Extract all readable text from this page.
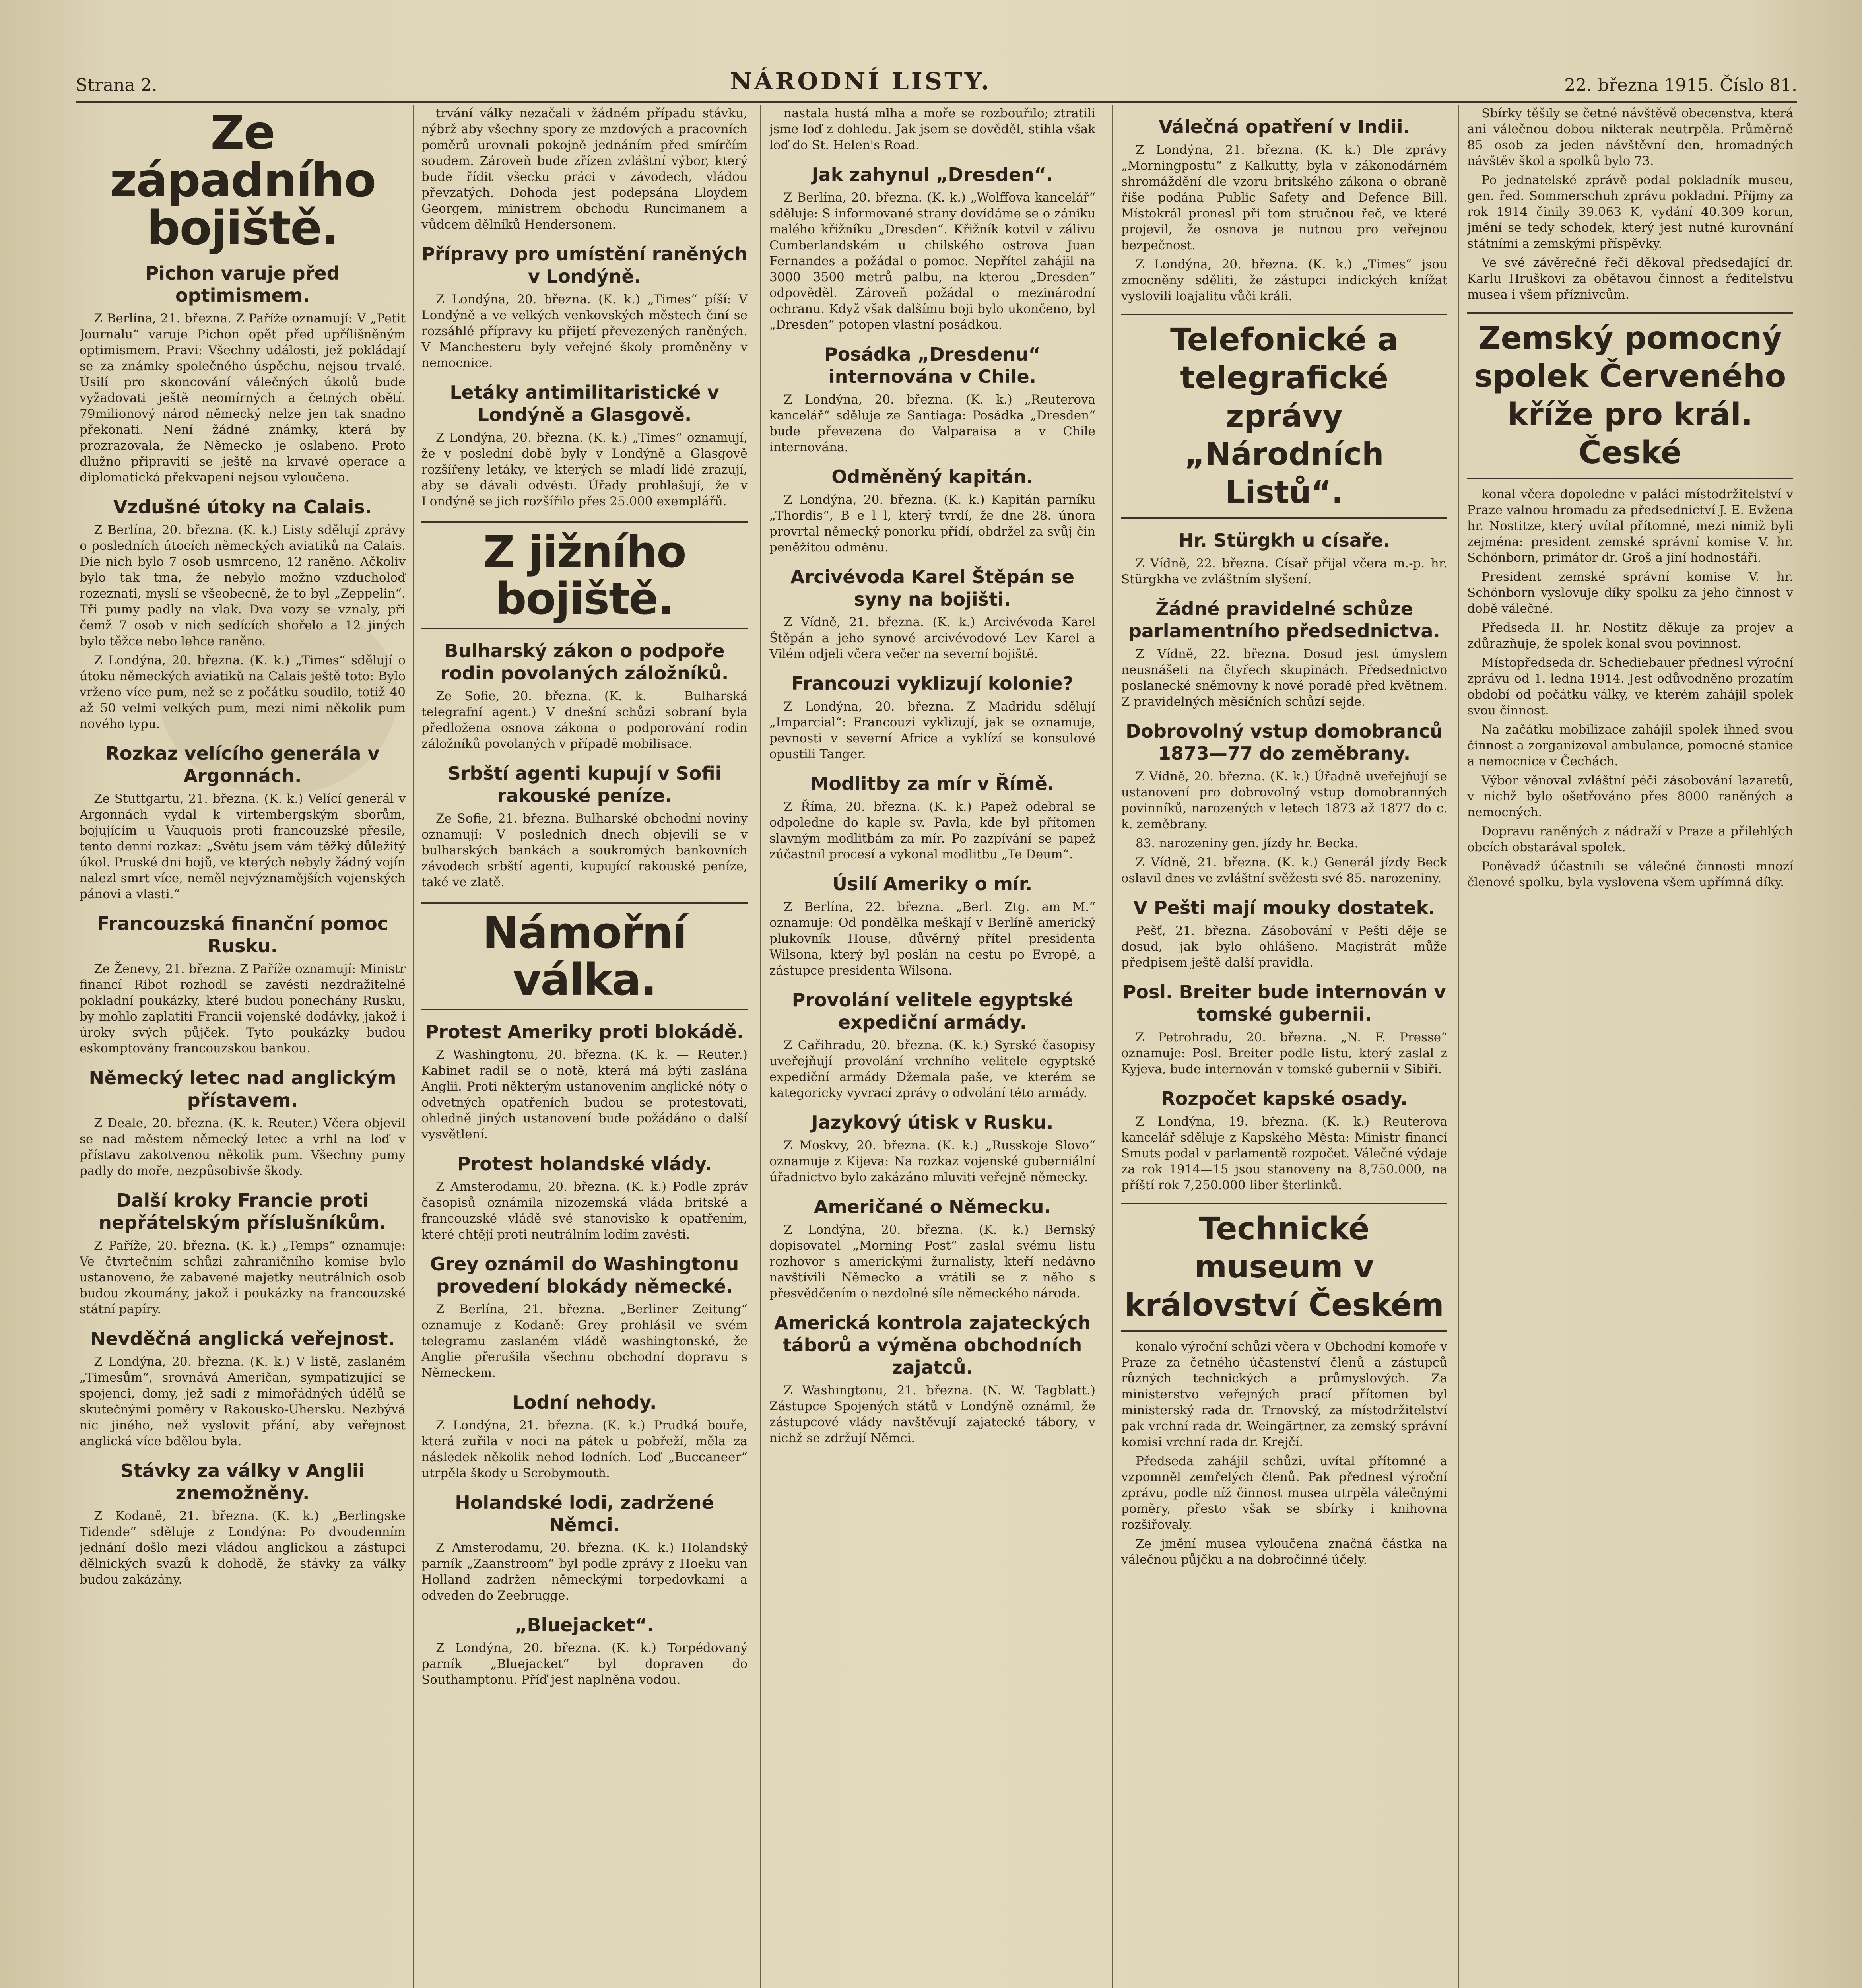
Strana 2.	NÁRODNÍ LISTY.	22. března 1915. Číslo 81.
Ze západního bojiště.
Pichon varuje před optimismem.

Z Berlína, 21. března. Z Paříže oznamují: V „Petit Journalu“ varuje Pichon opět před upřílišněným optimismem. Pravi: Všechny události, jež pokládají se za známky společného úspěchu, nejsou trvalé. Úsilí pro skoncování válečných úkolů bude vyžadovati ještě neomírných a četných obětí. 79milionový národ německý nelze jen tak snadno překonati. Není žádné známky, která by prozrazovala, že Německo je oslabeno. Proto dlužno připraviti se ještě na krvavé operace a diplomatická překvapení nejsou vyloučena.

Vzdušné útoky na Calais.

Z Berlína, 20. března. (K. k.) Listy sdělují zprávy o posledních útocích německých aviatiků na Calais. Die nich bylo 7 osob usmrceno, 12 raněno. Ačkoliv bylo tak tma, že nebylo možno vzducholoď rozeznati, myslí se všeobecně, že to byl „Zeppelin“. Tři pumy padly na vlak. Dva vozy se vznaly, při čemž 7 osob v nich sedících shořelo a 12 jiných bylo těžce nebo lehce raněno.

Z Londýna, 20. března. (K. k.) „Times“ sdělují o útoku německých aviatiků na Calais ještě toto: Bylo vrženo více pum, než se z počátku soudilo, totiž 40 až 50 velmi velkých pum, mezi nimi několik pum nového typu.

Rozkaz velícího generála v Argonnách.

Ze Stuttgartu, 21. března. (K. k.) Velící generál v Argonnách vydal k virtembergským sborům, bojujícím u Vauquois proti francouzské přesile, tento denní rozkaz: „Světu jsem vám těžký důležitý úkol. Pruské dni bojů, ve kterých nebyly žádný vojín nalezl smrt více, neměl nejvýznamějších vojenských pánovi a vlasti.“

Francouzská finanční pomoc Rusku.

Ze Ženevy, 21. března. Z Paříže oznamují: Ministr financí Ribot rozhodl se zavésti nezdražitelné pokladní poukázky, které budou ponechány Rusku, by mohlo zaplatiti Francii vojenské dodávky, jakož i úroky svých půjček. Tyto poukázky budou eskomptovány francouzskou bankou.

Německý letec nad anglickým přístavem.

Z Deale, 20. března. (K. k. Reuter.) Včera objevil se nad městem německý letec a vrhl na loď v přístavu zakotvenou několik pum. Všechny pumy padly do moře, nezpůsobivše škody.

Další kroky Francie proti nepřátelským příslušníkům.

Z Paříže, 20. března. (K. k.) „Temps“ oznamuje: Ve čtvrtečním schůzi zahraničního komise bylo ustanoveno, že zabavené majetky neutrálních osob budou zkoumány, jakož i poukázky na francouzské státní papíry.

Nevděčná anglická veřejnost.

Z Londýna, 20. března. (K. k.) V listě, zaslaném „Timesům“, srovnává Američan, sympatizující se spojenci, domy, jež sadí z mimořádných údělů se skutečnými poměry v Rakousko-Uhersku. Nezbývá nic jiného, než vyslovit přání, aby veřejnost anglická více bdělou byla.

Stávky za války v Anglii znemožněny.

Z Kodaně, 21. března. (K. k.) „Berlingske Tidende“ sděluje z Londýna: Po dvoudenním jednání došlo mezi vládou anglickou a zástupci dělnických svazů k dohodě, že stávky za války budou zakázány.

trvání války nezačali v žádném případu stávku, nýbrž aby všechny spory ze mzdových a pracovních poměrů urovnali pokojně jednáním před smírčím soudem. Zároveň bude zřízen zvláštní výbor, který bude řídit všecku práci v závodech, vládou převzatých. Dohoda jest podepsána Lloydem Georgem, ministrem obchodu Runcimanem a vůdcem dělníků Hendersonem.

Přípravy pro umístění raněných v Londýně.

Z Londýna, 20. března. (K. k.) „Times“ píší: V Londýně a ve velkých venkovských městech činí se rozsáhlé přípravy ku přijetí převezených raněných. V Manchesteru byly veřejné školy proměněny v nemocnice.

Letáky antimilitaristické v Londýně a Glasgově.

Z Londýna, 20. března. (K. k.) „Times“ oznamují, že v poslední době byly v Londýně a Glasgově rozšířeny letáky, ve kterých se mladí lidé zrazují, aby se dávali odvésti. Úřady prohlašují, že v Londýně se jich rozšířilo přes 25.000 exemplářů.

Z jižního bojiště.
Bulharský zákon o podpoře rodin povolaných záložníků.

Ze Sofie, 20. března. (K. k. — Bulharská telegrafní agent.) V dnešní schůzi sobraní byla předložena osnova zákona o podporování rodin záložníků povolaných v případě mobilisace.

Srbští agenti kupují v Sofii rakouské peníze.

Ze Sofie, 21. března. Bulharské obchodní noviny oznamují: V posledních dnech objevili se v bulharských bankách a soukromých bankovních závodech srbští agenti, kupující rakouské peníze, také ve zlatě.

Námořní válka.
Protest Ameriky proti blokádě.

Z Washingtonu, 20. března. (K. k. — Reuter.) Kabinet radil se o notě, která má býti zaslána Anglii. Proti některým ustanovením anglické nóty o odvetných opatřeních budou se protestovati, ohledně jiných ustanovení bude požádáno o další vysvětlení.

Protest holandské vlády.

Z Amsterodamu, 20. března. (K. k.) Podle zpráv časopisů oznámila nizozemská vláda britské a francouzské vládě své stanovisko k opatřením, které chtějí proti neutrálním lodím zavésti.

Grey oznámil do Washingtonu provedení blokády německé.

Z Berlína, 21. března. „Berliner Zeitung“ oznamuje z Kodaně: Grey prohlásil ve svém telegramu zaslaném vládě washingtonské, že Anglie přerušila všechnu obchodní dopravu s Německem.

Lodní nehody.

Z Londýna, 21. března. (K. k.) Prudká bouře, která zuřila v noci na pátek u pobřeží, měla za následek několik nehod lodních. Loď „Buccaneer“ utrpěla škody u Scrobymouth.

Holandské lodi, zadržené Němci.

Z Amsterodamu, 20. března. (K. k.) Holandský parník „Zaanstroom“ byl podle zprávy z Hoeku van Holland zadržen německými torpedovkami a odveden do Zeebrugge.

„Bluejacket“.

Z Londýna, 20. března. (K. k.) Torpédovaný parník „Bluejacket“ byl dopraven do Southamptonu. Příď jest naplněna vodou.

nastala hustá mlha a moře se rozbouřilo; ztratili jsme loď z dohledu. Jak jsem se dověděl, stihla však loď do St. Helen's Road.

Jak zahynul „Dresden“.

Z Berlína, 20. března. (K. k.) „Wolffova kancelář“ sděluje: S informované strany dovídáme se o zániku malého křižníku „Dresden“. Křižník kotvil v zálivu Cumberlandském u chilského ostrova Juan Fernandes a požádal o pomoc. Nepřítel zahájil na 3000—3500 metrů palbu, na kterou „Dresden“ odpověděl. Zároveň požádal o mezinárodní ochranu. Když však dalšímu boji bylo ukončeno, byl „Dresden“ potopen vlastní posádkou.

Posádka „Dresdenu“ internována v Chile.

Z Londýna, 20. března. (K. k.) „Reuterova kancelář“ sděluje ze Santiaga: Posádka „Dresden“ bude převezena do Valparaisa a v Chile internována.

Odměněný kapitán.

Z Londýna, 20. března. (K. k.) Kapitán parníku „Thordis“, B e l l, který tvrdí, že dne 28. února provrtal německý ponorku přídí, obdržel za svůj čin peněžitou odměnu.

Arcivévoda Karel Štěpán se syny na bojišti.

Z Vídně, 21. března. (K. k.) Arcivévoda Karel Štěpán a jeho synové arcivévodové Lev Karel a Vilém odjeli včera večer na severní bojiště.

Francouzi vyklizují kolonie?

Z Londýna, 20. března. Z Madridu sdělují „Imparcial“: Francouzi vyklizují, jak se oznamuje, pevnosti v severní Africe a vyklízí se konsulové opustili Tanger.

Modlitby za mír v Římě.

Z Říma, 20. března. (K. k.) Papež odebral se odpoledne do kaple sv. Pavla, kde byl přítomen slavným modlitbám za mír. Po zazpívání se papež zúčastnil procesí a vykonal modlitbu „Te Deum“.

Úsilí Ameriky o mír.

Z Berlína, 22. března. „Berl. Ztg. am M.“ oznamuje: Od pondělka meškají v Berlíně americký plukovník House, důvěrný přítel presidenta Wilsona, který byl poslán na cestu po Evropě, a zástupce presidenta Wilsona.

Provolání velitele egyptské expediční armády.

Z Cařihradu, 20. března. (K. k.) Syrské časopisy uveřejňují provolání vrchního velitele egyptské expediční armády Džemala paše, ve kterém se kategoricky vyvrací zprávy o odvolání této armády.

Jazykový útisk v Rusku.

Z Moskvy, 20. března. (K. k.) „Russkoje Slovo“ oznamuje z Kijeva: Na rozkaz vojenské guberniální úřadnictvo bylo zakázáno mluviti veřejně německy.

Američané o Německu.

Z Londýna, 20. března. (K. k.) Bernský dopisovatel „Morning Post“ zaslal svému listu rozhovor s americkými žurnalisty, kteří nedávno navštívili Německo a vrátili se z něho s přesvědčením o nezdolné síle německého národa.

Americká kontrola zajateckých táborů a výměna obchodních zajatců.

Z Washingtonu, 21. března. (N. W. Tagblatt.) Zástupce Spojených států v Londýně oznámil, že zástupcové vlády navštěvují zajatecké tábory, v nichž se zdržují Němci.

Válečná opatření v Indii.

Z Londýna, 21. března. (K. k.) Dle zprávy „Morningpostu“ z Kalkutty, byla v zákonodárném shromáždění dle vzoru britského zákona o obraně říše podána Public Safety and Defence Bill. Místokrál pronesl při tom stručnou řeč, ve které projevil, že osnova je nutnou pro veřejnou bezpečnost.

Z Londýna, 20. března. (K. k.) „Times“ jsou zmocněny sděliti, že zástupci indických knížat vyslovili loajalitu vůči králi.

Telefonické a telegrafické zprávy „Národních Listů“.
Hr. Stürgkh u císaře.

Z Vídně, 22. března. Císař přijal včera m.-p. hr. Stürgkha ve zvláštním slyšení.

Žádné pravidelné schůze parlamentního předsednictva.

Z Vídně, 22. března. Dosud jest úmyslem neusnášeti na čtyřech skupinách. Předsednictvo poslanecké sněmovny k nové poradě před květnem. Z pravidelných měsíčních schůzí sejde.

Dobrovolný vstup domobranců 1873—77 do zeměbrany.

Z Vídně, 20. března. (K. k.) Úřadně uveřejňují se ustanovení pro dobrovolný vstup domobranných povinníků, narozených v letech 1873 až 1877 do c. k. zeměbrany.

83. narozeniny gen. jízdy hr. Becka.

Z Vídně, 21. března. (K. k.) Generál jízdy Beck oslavil dnes ve zvláštní svěžesti své 85. narozeniny.

V Pešti mají mouky dostatek.

Pešť, 21. března. Zásobování v Pešti děje se dosud, jak bylo ohlášeno. Magistrát může předpisem ještě další pravidla.

Posl. Breiter bude internován v tomské gubernii.

Z Petrohradu, 20. března. „N. F. Presse“ oznamuje: Posl. Breiter podle listu, který zaslal z Kyjeva, bude internován v tomské gubernii v Sibiři.

Rozpočet kapské osady.

Z Londýna, 19. března. (K. k.) Reuterova kancelář sděluje z Kapského Města: Ministr financí Smuts podal v parlamentě rozpočet. Válečné výdaje za rok 1914—15 jsou stanoveny na 8,750.000, na příští rok 7,250.000 liber šterlinků.

Technické museum v království Českém

konalo výroční schůzi včera v Obchodní komoře v Praze za četného účastenství členů a zástupců různých technických a průmyslových. Za ministerstvo veřejných prací přítomen byl ministerský rada dr. Trnovský, za místodržitelství pak vrchní rada dr. Weingärtner, za zemský správní komisi vrchní rada dr. Krejčí.

Předseda zahájil schůzi, uvítal přítomné a vzpomněl zemřelých členů. Pak přednesl výroční zprávu, podle níž činnost musea utrpěla válečnými poměry, přesto však se sbírky i knihovna rozšiřovaly.

Ze jmění musea vyloučena značná částka na válečnou půjčku a na dobročinné účely.

Sbírky těšily se četné návštěvě obecenstva, která ani válečnou dobou nikterak neutrpěla. Průměrně 85 osob za jeden návštěvní den, hromadných návštěv škol a spolků bylo 73.

Po jednatelské zprávě podal pokladník museu, gen. řed. Sommerschuh zprávu pokladní. Příjmy za rok 1914 činily 39.063 K, vydání 40.309 korun, jmění se tedy schodek, který jest nutné kurovnání státními a zemskými příspěvky.

Ve své závěrečné řeči děkoval předsedající dr. Karlu Hruškovi za obětavou činnost a ředitelstvu musea i všem příznivcům.

Zemský pomocný spolek Červeného kříže pro král. České

konal včera dopoledne v paláci místodržitelství v Praze valnou hromadu za předsednictví J. E. Evžena hr. Nostitze, který uvítal přítomné, mezi nimiž byli zejména: president zemské správní komise V. hr. Schönborn, primátor dr. Groš a jiní hodnostáři.

President zemské správní komise V. hr. Schönborn vyslovuje díky spolku za jeho činnost v době válečné.

Předseda II. hr. Nostitz děkuje za projev a zdůrazňuje, že spolek konal svou povinnost.

Místopředseda dr. Schediebauer přednesl výroční zprávu od 1. ledna 1914. Jest odůvodněno prozatím období od počátku války, ve kterém zahájil spolek svou činnost.

Na začátku mobilizace zahájil spolek ihned svou činnost a zorganizoval ambulance, pomocné stanice a nemocnice v Čechách.

Výbor věnoval zvláštní péči zásobování lazaretů, v nichž bylo ošetřováno přes 8000 raněných a nemocných.

Dopravu raněných z nádraží v Praze a přilehlých obcích obstarával spolek.

Poněvadž účastnili se válečné činnosti mnozí členové spolku, byla vyslovena všem upřímná díky.
